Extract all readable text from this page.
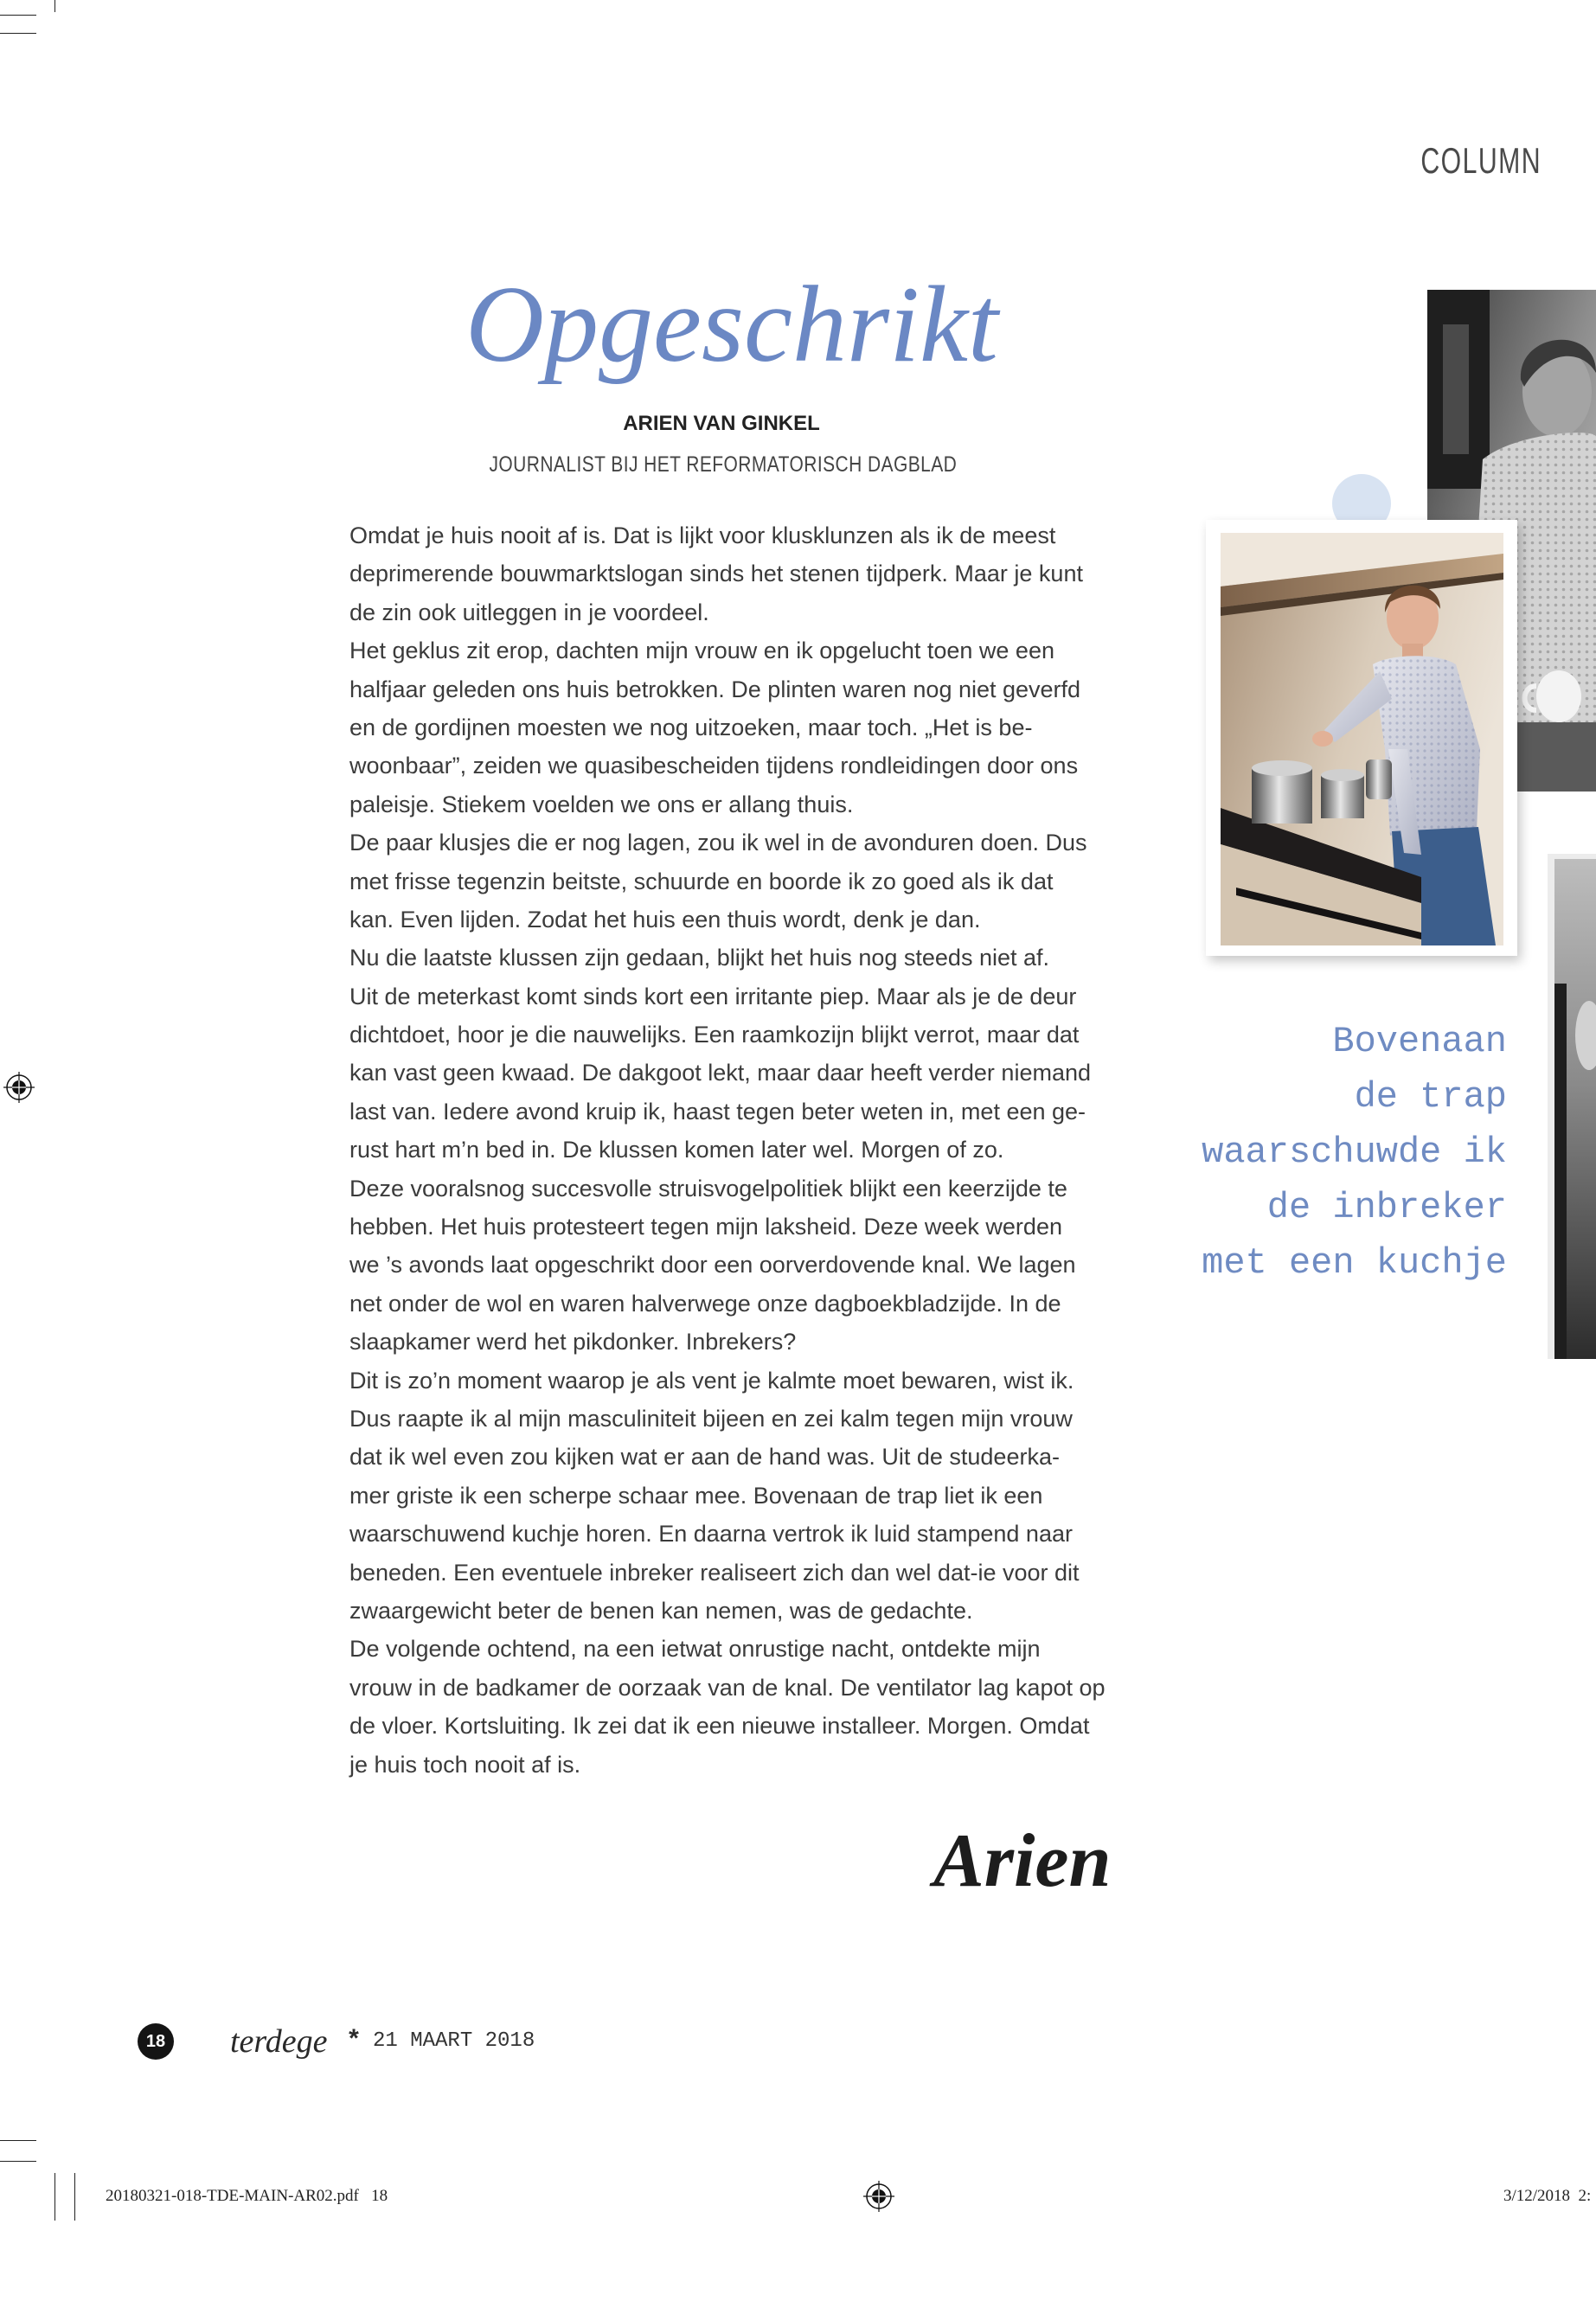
COLUMN
Opgeschrikt
ARIEN VAN GINKEL
JOURNALIST BIJ HET REFORMATORISCH DAGBLAD
Omdat je huis nooit af is. Dat is lijkt voor klusklunzen als ik de meest
deprimerende bouwmarktslogan sinds het stenen tijdperk. Maar je kunt
de zin ook uitleggen in je voordeel.
Het geklus zit erop, dachten mijn vrouw en ik opgelucht toen we een
halfjaar geleden ons huis betrokken. De plinten waren nog niet geverfd
en de gordijnen moesten we nog uitzoeken, maar toch. „Het is be-
woonbaar”, zeiden we quasibescheiden tijdens rondleidingen door ons
paleisje. Stiekem voelden we ons er allang thuis.
De paar klusjes die er nog lagen, zou ik wel in de avonduren doen. Dus
met frisse tegenzin beitste, schuurde en boorde ik zo goed als ik dat
kan. Even lijden. Zodat het huis een thuis wordt, denk je dan.
Nu die laatste klussen zijn gedaan, blijkt het huis nog steeds niet af.
Uit de meterkast komt sinds kort een irritante piep. Maar als je de deur
dichtdoet, hoor je die nauwelijks. Een raamkozijn blijkt verrot, maar dat
kan vast geen kwaad. De dakgoot lekt, maar daar heeft verder niemand
last van. Iedere avond kruip ik, haast tegen beter weten in, met een ge-
rust hart m’n bed in. De klussen komen later wel. Morgen of zo.
Deze vooralsnog succesvolle struisvogelpolitiek blijkt een keerzijde te
hebben. Het huis protesteert tegen mijn laksheid. Deze week werden
we ’s avonds laat opgeschrikt door een oorverdovende knal. We lagen
net onder de wol en waren halverwege onze dagboekbladzijde. In de
slaapkamer werd het pikdonker. Inbrekers?
Dit is zo’n moment waarop je als vent je kalmte moet bewaren, wist ik.
Dus raapte ik al mijn masculiniteit bijeen en zei kalm tegen mijn vrouw
dat ik wel even zou kijken wat er aan de hand was. Uit de studeerka-
mer griste ik een scherpe schaar mee. Bovenaan de trap liet ik een
waarschuwend kuchje horen. En daarna vertrok ik luid stampend naar
beneden. Een eventuele inbreker realiseert zich dan wel dat-ie voor dit
zwaargewicht beter de benen kan nemen, was de gedachte.
De volgende ochtend, na een ietwat onrustige nacht, ontdekte mijn
vrouw in de badkamer de oorzaak van de knal. De ventilator lag kapot op
de vloer. Kortsluiting. Ik zei dat ik een nieuwe installeer. Morgen. Omdat
je huis toch nooit af is.
Bovenaan
de trap
waarschuwde ik
de inbreker
met een kuchje
Arien
18 terdege * 21 MAART 2018
20180321-018-TDE-MAIN-AR02.pdf 18	3/12/2018  2:
